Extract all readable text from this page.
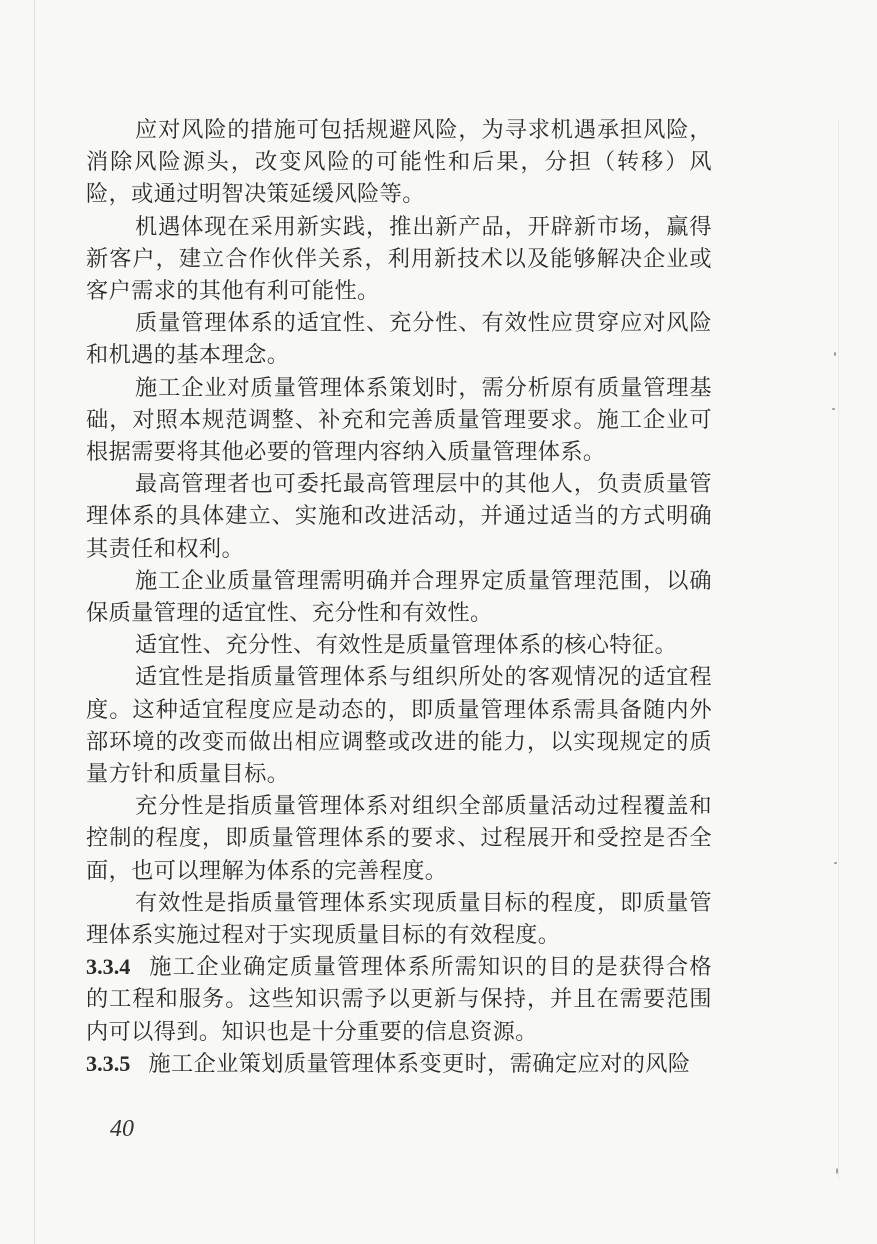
应对风险的措施可包括规避风险，为寻求机遇承担风险，消除风险源头，改变风险的可能性和后果，分担（转移）风险，或通过明智决策延缓风险等。

机遇体现在采用新实践，推出新产品，开辟新市场，赢得新客户，建立合作伙伴关系，利用新技术以及能够解决企业或客户需求的其他有利可能性。

质量管理体系的适宜性、充分性、有效性应贯穿应对风险和机遇的基本理念。

施工企业对质量管理体系策划时，需分析原有质量管理基础，对照本规范调整、补充和完善质量管理要求。施工企业可根据需要将其他必要的管理内容纳入质量管理体系。

最高管理者也可委托最高管理层中的其他人，负责质量管理体系的具体建立、实施和改进活动，并通过适当的方式明确其责任和权利。

施工企业质量管理需明确并合理界定质量管理范围，以确保质量管理的适宜性、充分性和有效性。

适宜性、充分性、有效性是质量管理体系的核心特征。

适宜性是指质量管理体系与组织所处的客观情况的适宜程度。这种适宜程度应是动态的，即质量管理体系需具备随内外部环境的改变而做出相应调整或改进的能力，以实现规定的质量方针和质量目标。

充分性是指质量管理体系对组织全部质量活动过程覆盖和控制的程度，即质量管理体系的要求、过程展开和受控是否全面，也可以理解为体系的完善程度。

有效性是指质量管理体系实现质量目标的程度，即质量管理体系实施过程对于实现质量目标的有效程度。

3.3.4 施工企业确定质量管理体系所需知识的目的是获得合格的工程和服务。这些知识需予以更新与保持，并且在需要范围内可以得到。知识也是十分重要的信息资源。

3.3.5 施工企业策划质量管理体系变更时，需确定应对的风险

40
